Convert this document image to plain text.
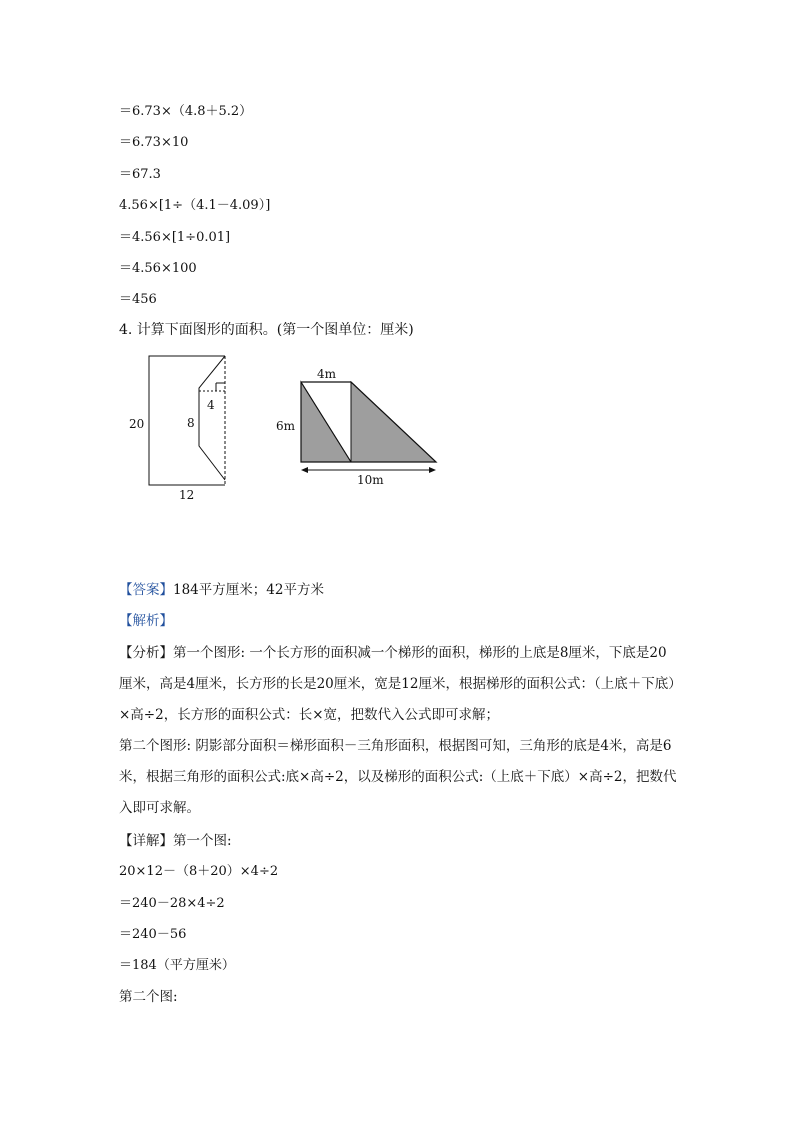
＝6.73×（4.8＋5.2）
＝6.73×10
＝67.3
4.56×[1÷（4.1－4.09）]
＝4.56×[1÷0.01]
＝4.56×100
＝456
4. 计算下面图形的面积。(第一个图单位：厘米)
20	8
4
12
4m
6m
10m
【答案】184平方厘米；42平方米
【解析】
【分析】第一个图形: 一个长方形的面积减一个梯形的面积，梯形的上底是8厘米，下底是20厘米，高是4厘米，长方形的长是20厘米，宽是12厘米，根据梯形的面积公式：（上底＋下底）×高÷2，长方形的面积公式：长×宽，把数代入公式即可求解；
第二个图形: 阴影部分面积＝梯形面积－三角形面积，根据图可知，三角形的底是4米，高是6米，根据三角形的面积公式:底×高÷2，以及梯形的面积公式:（上底＋下底）×高÷2，把数代入即可求解。
【详解】第一个图:
20×12－（8＋20）×4÷2
＝240－28×4÷2
＝240－56
＝184（平方厘米）
第二个图:
